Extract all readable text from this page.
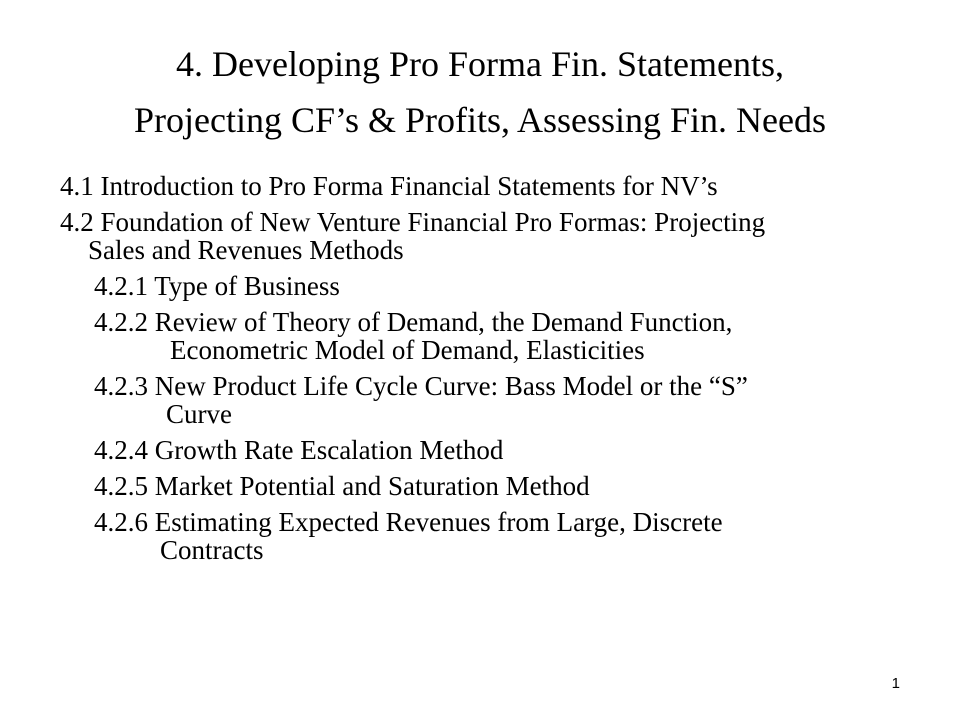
4. Developing Pro Forma Fin. Statements,
Projecting CF’s & Profits, Assessing Fin. Needs
4.1 Introduction to Pro Forma Financial Statements for NV’s
4.2 Foundation of New Venture Financial Pro Formas: Projecting
Sales and Revenues Methods
4.2.1 Type of Business
4.2.2 Review of Theory of Demand, the Demand Function,
Econometric Model of Demand, Elasticities
4.2.3 New Product Life Cycle Curve: Bass Model or the “S”
Curve
4.2.4 Growth Rate Escalation Method
4.2.5 Market Potential and Saturation Method
4.2.6 Estimating Expected Revenues from Large, Discrete
Contracts
1
